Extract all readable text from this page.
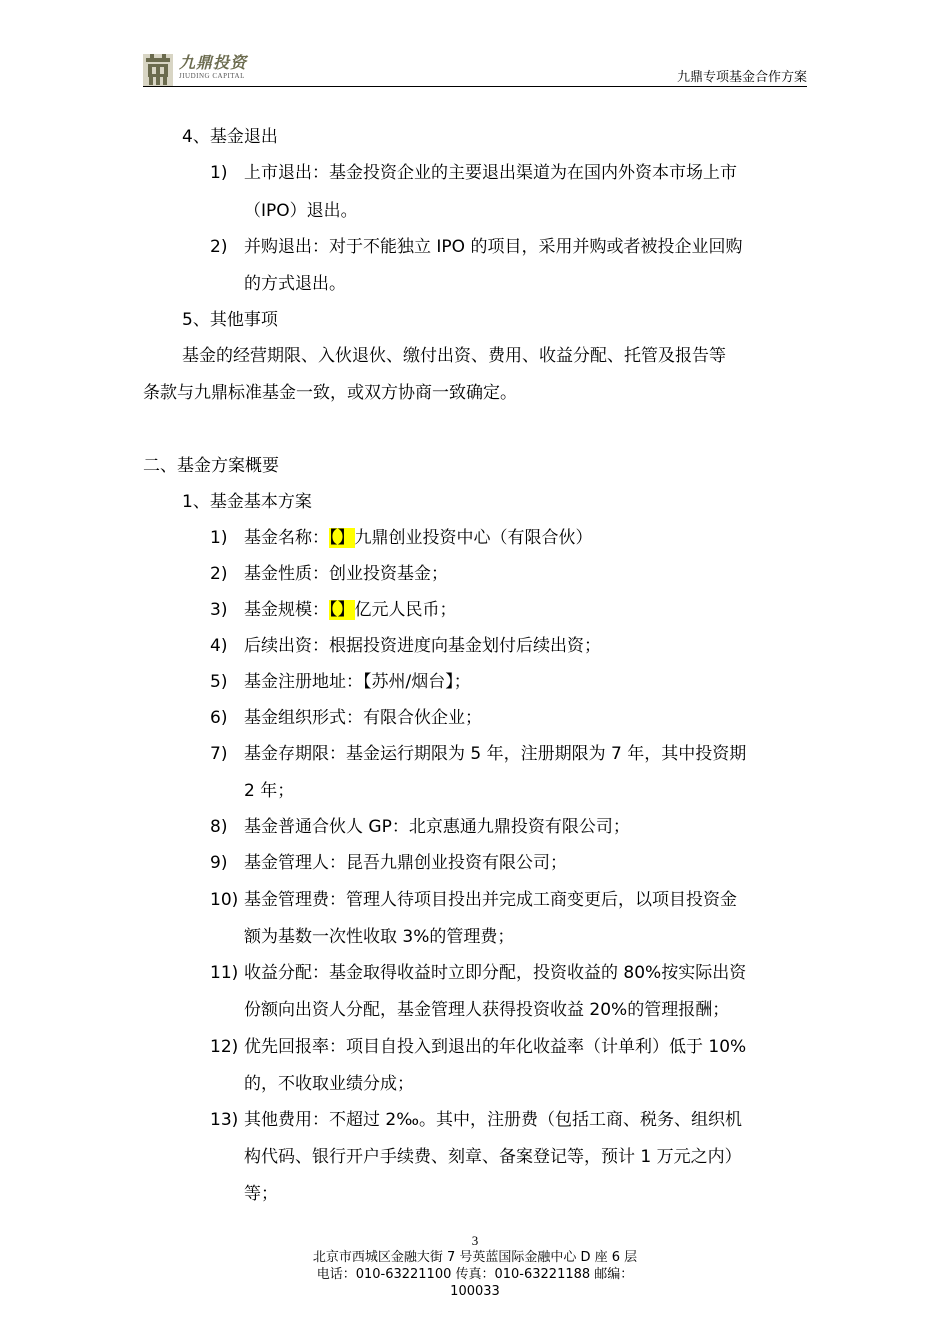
九鼎投资
JIUDING CAPITAL	九鼎专项基金合作方案
4、基金退出
1) 上市退出：基金投资企业的主要退出渠道为在国内外资本市场上市
（IPO）退出。
2) 并购退出：对于不能独立 IPO 的项目，采用并购或者被投企业回购
的方式退出。
5、其他事项
基金的经营期限、入伙退伙、缴付出资、费用、收益分配、托管及报告等
条款与九鼎标准基金一致，或双方协商一致确定。
二、基金方案概要
1、基金基本方案
1) 基金名称：【】九鼎创业投资中心（有限合伙）
2) 基金性质：创业投资基金；
3) 基金规模：【】亿元人民币；
4) 后续出资：根据投资进度向基金划付后续出资；
5) 基金注册地址：【苏州/烟台】；
6) 基金组织形式：有限合伙企业；
7) 基金存期限：基金运行期限为 5 年，注册期限为 7 年，其中投资期
2 年；
8) 基金普通合伙人 GP：北京惠通九鼎投资有限公司；
9) 基金管理人：昆吾九鼎创业投资有限公司；
10) 基金管理费：管理人待项目投出并完成工商变更后，以项目投资金
额为基数一次性收取 3%的管理费；
11) 收益分配：基金取得收益时立即分配，投资收益的 80%按实际出资
份额向出资人分配，基金管理人获得投资收益 20%的管理报酬；
12) 优先回报率：项目自投入到退出的年化收益率（计单利）低于 10%
的，不收取业绩分成；
13) 其他费用：不超过 2‰。其中，注册费（包括工商、税务、组织机
构代码、银行开户手续费、刻章、备案登记等，预计 1 万元之内）
等；
3
北京市西城区金融大街 7 号英蓝国际金融中心 D 座 6 层
电话：010-63221100 传真：010-63221188 邮编：
100033
